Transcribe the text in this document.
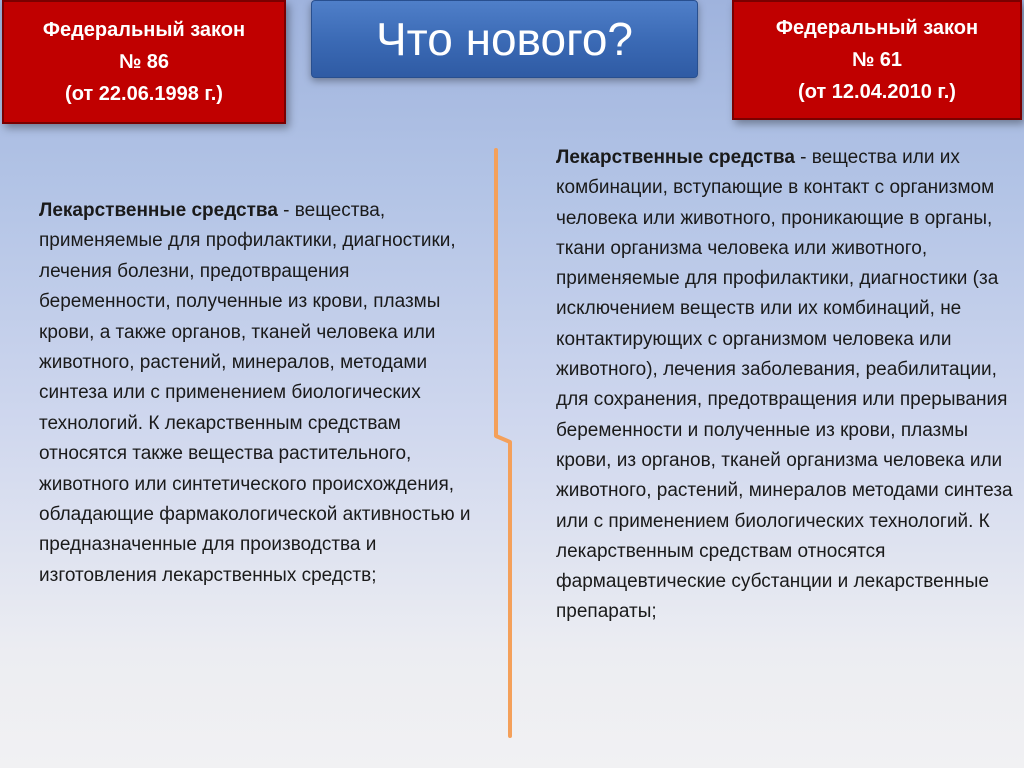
Федеральный закон
№ 86
(от 22.06.1998 г.)
Что нового?	Федеральный закон
№ 61
(от 12.04.2010 г.)
Лекарственные средства - вещества, применяемые для профилактики, диагностики, лечения болезни, предотвращения беременности, полученные из крови, плазмы крови, а также органов, тканей человека или животного, растений, минералов, методами синтеза или с применением биологических технологий. К лекарственным средствам относятся также вещества растительного, животного или синтетического происхождения, обладающие фармакологической активностью и предназначенные для производства и изготовления лекарственных средств;
Лекарственные средства - вещества или их комбинации, вступающие в контакт с организмом человека или животного, проникающие в органы, ткани организма человека или животного, применяемые для профилактики, диагностики (за исключением веществ или их комбинаций, не контактирующих с организмом человека или животного), лечения заболевания, реабилитации, для сохранения, предотвращения или прерывания беременности и полученные из крови, плазмы крови, из органов, тканей организма человека или животного, растений, минералов методами синтеза или с применением биологических технологий. К лекарственным средствам относятся фармацевтические субстанции и лекарственные препараты;
